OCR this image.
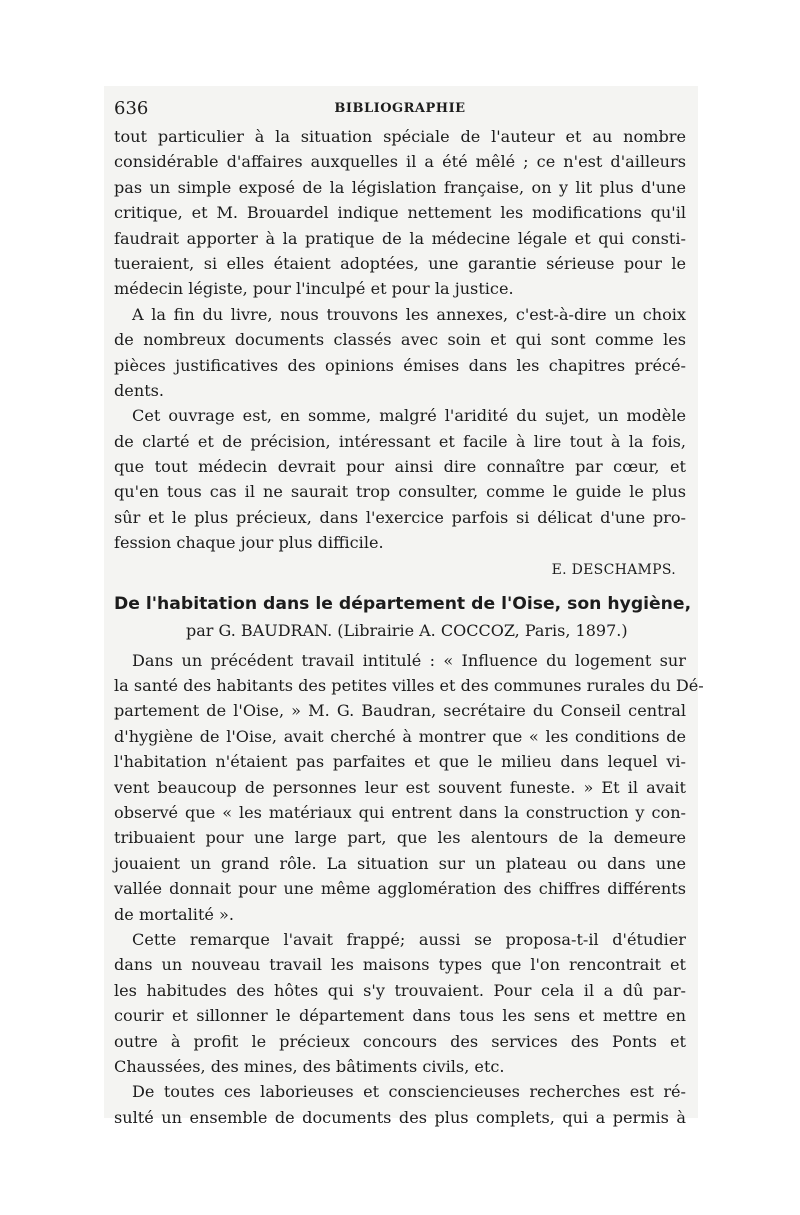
636	BIBLIOGRAPHIE
tout particulier à la situation spéciale de l'auteur et au nombre
considérable d'affaires auxquelles il a été mêlé ; ce n'est d'ailleurs
pas un simple exposé de la législation française, on y lit plus d'une
critique, et M. Brouardel indique nettement les modifications qu'il
faudrait apporter à la pratique de la médecine légale et qui consti-
tueraient, si elles étaient adoptées, une garantie sérieuse pour le
médecin légiste, pour l'inculpé et pour la justice.
A la fin du livre, nous trouvons les annexes, c'est-à-dire un choix
de nombreux documents classés avec soin et qui sont comme les
pièces justificatives des opinions émises dans les chapitres précé-
dents.
Cet ouvrage est, en somme, malgré l'aridité du sujet, un modèle
de clarté et de précision, intéressant et facile à lire tout à la fois,
que tout médecin devrait pour ainsi dire connaître par cœur, et
qu'en tous cas il ne saurait trop consulter, comme le guide le plus
sûr et le plus précieux, dans l'exercice parfois si délicat d'une pro-
fession chaque jour plus difficile.
E. DESCHAMPS.
De l'habitation dans le département de l'Oise, son hygiène,
par G. BAUDRAN. (Librairie A. COCCOZ, Paris, 1897.)
Dans un précédent travail intitulé : « Influence du logement sur
la santé des habitants des petites villes et des communes rurales du Dé-
partement de l'Oise, » M. G. Baudran, secrétaire du Conseil central
d'hygiène de l'Oise, avait cherché à montrer que « les conditions de
l'habitation n'étaient pas parfaites et que le milieu dans lequel vi-
vent beaucoup de personnes leur est souvent funeste. » Et il avait
observé que « les matériaux qui entrent dans la construction y con-
tribuaient pour une large part, que les alentours de la demeure
jouaient un grand rôle. La situation sur un plateau ou dans une
vallée donnait pour une même agglomération des chiffres différents
de mortalité ».
Cette remarque l'avait frappé; aussi se proposa-t-il d'étudier
dans un nouveau travail les maisons types que l'on rencontrait et
les habitudes des hôtes qui s'y trouvaient. Pour cela il a dû par-
courir et sillonner le département dans tous les sens et mettre en
outre à profit le précieux concours des services des Ponts et
Chaussées, des mines, des bâtiments civils, etc.
De toutes ces laborieuses et consciencieuses recherches est ré-
sulté un ensemble de documents des plus complets, qui a permis à
